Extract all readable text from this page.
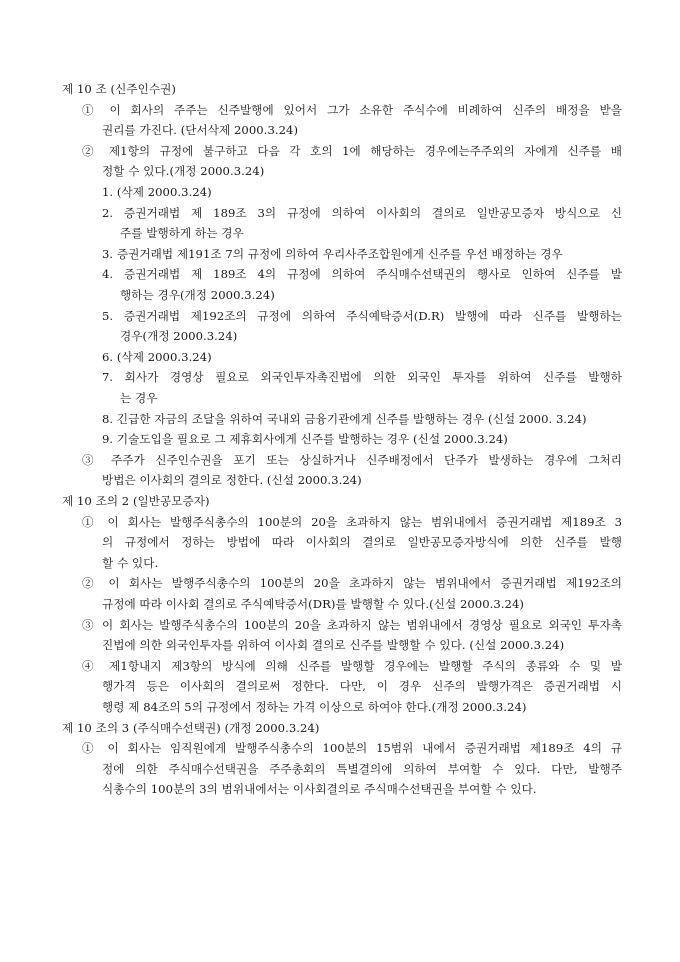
제 10 조 (신주인수권)
① 이 회사의 주주는 신주발행에 있어서 그가 소유한 주식수에 비례하여 신주의 배정을 받을
권리를 가진다. (단서삭제 2000.3.24)
② 제1항의 규정에 불구하고 다음 각 호의 1에 해당하는 경우에는주주외의 자에게 신주를 배
정할 수 있다.(개정 2000.3.24)
1. (삭제 2000.3.24)
2. 증권거래법 제 189조 3의 규정에 의하여 이사회의 결의로 일반공모증자 방식으로 신
주를 발행하게 하는 경우
3. 증권거래법 제191조 7의 규정에 의하여 우리사주조합원에게 신주를 우선 배정하는 경우
4. 증권거래법 제 189조 4의 규정에 의하여 주식매수선택권의 행사로 인하여 신주를 발
행하는 경우(개정 2000.3.24)
5. 증권거래법 제192조의 규정에 의하여 주식예탁증서(D.R) 발행에 따라 신주를 발행하는
경우(개정 2000.3.24)
6. (삭제 2000.3.24)
7. 회사가 경영상 필요로 외국인투자촉진법에 의한 외국인 투자를 위하여 신주를 발행하
는 경우
8. 긴급한 자금의 조달을 위하여 국내외 금융기관에게 신주를 발행하는 경우 (신설 2000. 3.24)
9. 기술도입을 필요로 그 제휴회사에게 신주를 발행하는 경우 (신설 2000.3.24)
③ 주주가 신주인수권을 포기 또는 상실하거나 신주배정에서 단주가 발생하는 경우에 그처리
방법은 이사회의 결의로 정한다. (신설 2000.3.24)
제 10 조의 2 (일반공모증자)
① 이 회사는 발행주식총수의 100분의 20을 초과하지 않는 범위내에서 증권거래법 제189조 3
의 규정에서 정하는 방법에 따라 이사회의 결의로 일반공모증자방식에 의한 신주를 발행
할 수 있다.
② 이 회사는 발행주식총수의 100분의 20을 초과하지 않는 범위내에서 증권거래법 제192조의
규정에 따라 이사회 결의로 주식예탁증서(DR)를 발행할 수 있다.(신설 2000.3.24)
③ 이 회사는 발행주식총수의 100분의 20을 초과하지 않는 범위내에서 경영상 필요로 외국인 투자촉
진법에 의한 외국인투자를 위하여 이사회 결의로 신주를 발행할 수 있다. (신설 2000.3.24)
④ 제1항내지 제3항의 방식에 의해 신주를 발행할 경우에는 발행할 주식의 종류와 수 및 발
행가격 등은 이사회의 결의로써 정한다. 다만, 이 경우 신주의 발행가격은 증권거래법 시
행령 제 84조의 5의 규정에서 정하는 가격 이상으로 하여야 한다.(개정 2000.3.24)
제 10 조의 3 (주식매수선택권) (개정 2000.3.24)
① 이 회사는 임직원에게 발행주식총수의 100분의 15범위 내에서 증권거래법 제189조 4의 규
정에 의한 주식매수선택권을 주주총회의 특별결의에 의하여 부여할 수 있다. 다만, 발행주
식총수의 100분의 3의 범위내에서는 이사회결의로 주식매수선택권을 부여할 수 있다.
